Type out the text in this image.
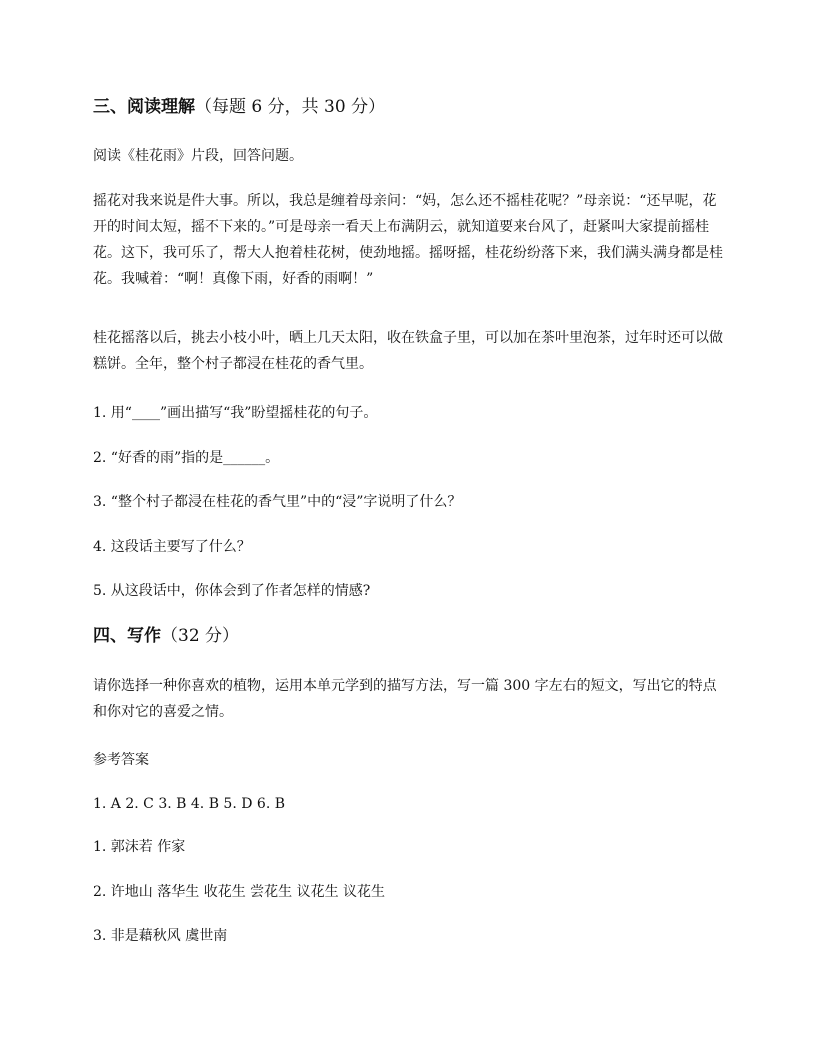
三、阅读理解（每题 6 分，共 30 分）

阅读《桂花雨》片段，回答问题。

摇花对我来说是件大事。所以，我总是缠着母亲问：“妈，怎么还不摇桂花呢？”母亲说：“还早呢，花开的时间太短，摇不下来的。”可是母亲一看天上布满阴云，就知道要来台风了，赶紧叫大家提前摇桂花。这下，我可乐了，帮大人抱着桂花树，使劲地摇。摇呀摇，桂花纷纷落下来，我们满头满身都是桂花。我喊着：“啊！真像下雨，好香的雨啊！”

桂花摇落以后，挑去小枝小叶，晒上几天太阳，收在铁盒子里，可以加在茶叶里泡茶，过年时还可以做糕饼。全年，整个村子都浸在桂花的香气里。

1. 用“____”画出描写“我”盼望摇桂花的句子。

2. “好香的雨”指的是______。

3. “整个村子都浸在桂花的香气里”中的“浸”字说明了什么？

4. 这段话主要写了什么？

5. 从这段话中，你体会到了作者怎样的情感?

四、写作（32 分）

请你选择一种你喜欢的植物，运用本单元学到的描写方法，写一篇 300 字左右的短文，写出它的特点和你对它的喜爱之情。

参考答案

1. A 2. C 3. B 4. B 5. D 6. B

1. 郭沫若 作家

2. 许地山 落华生 收花生 尝花生 议花生 议花生

3. 非是藉秋风 虞世南
